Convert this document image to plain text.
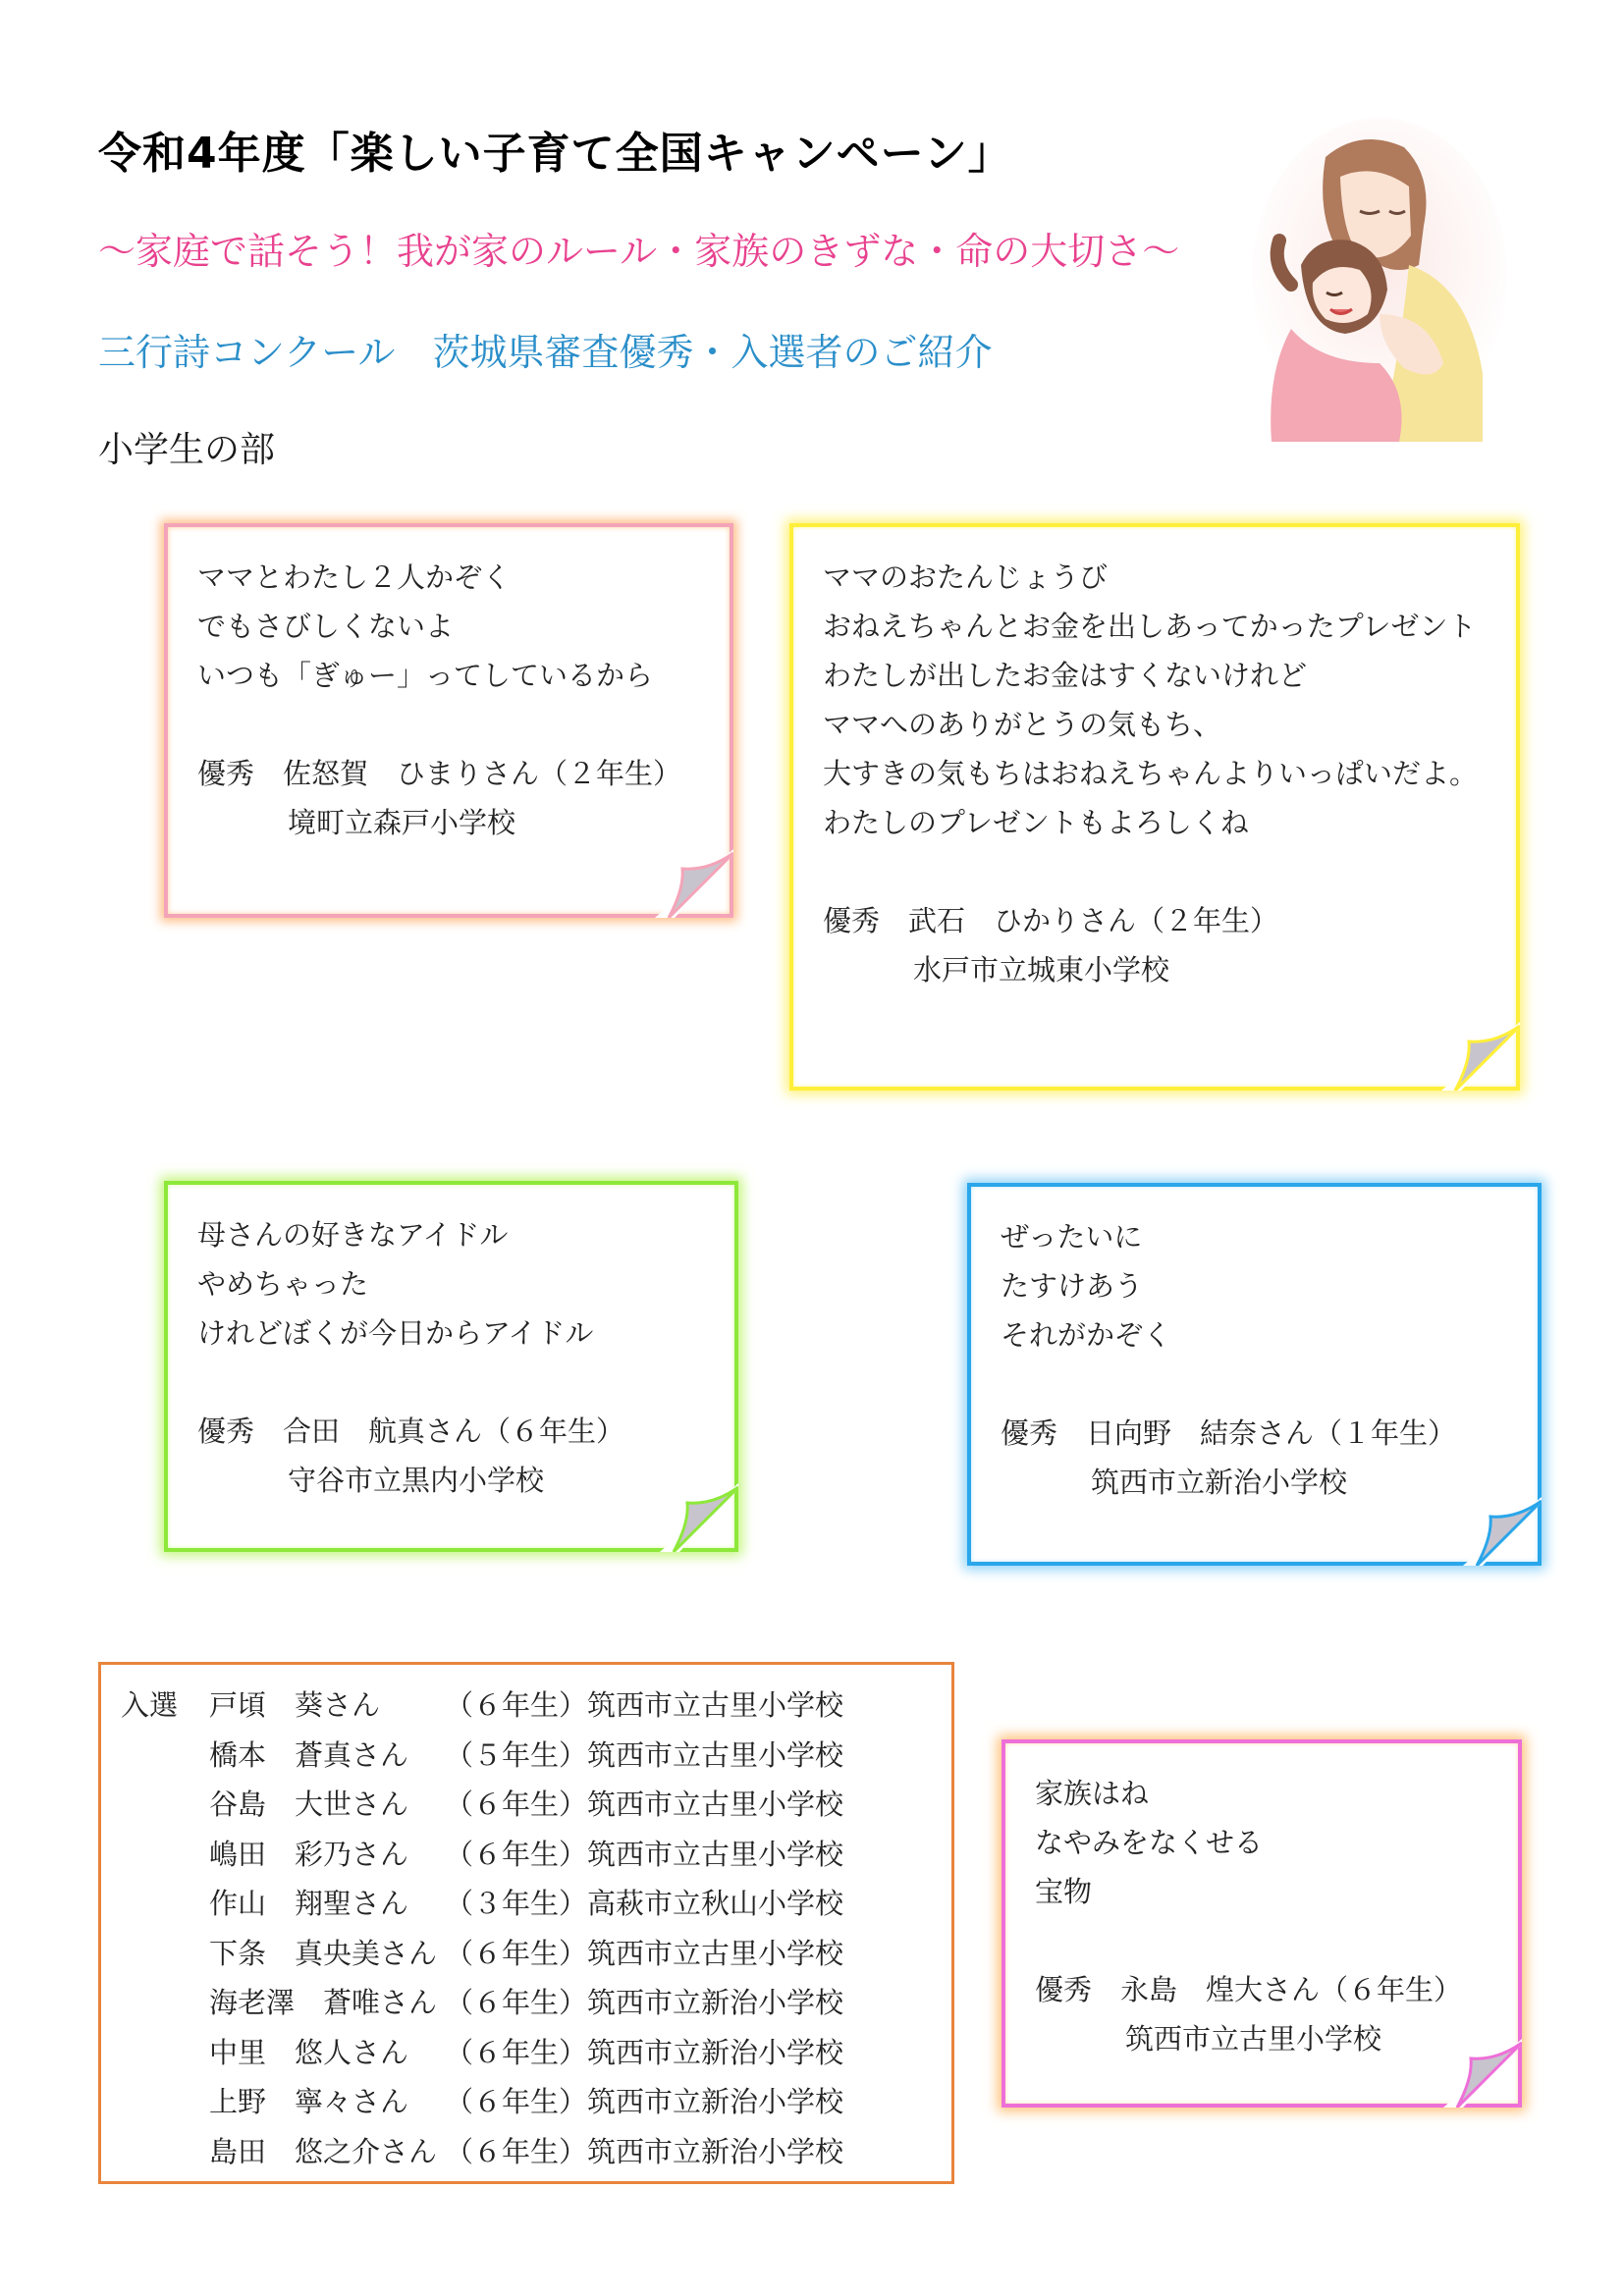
令和4年度「楽しい子育て全国キャンペーン」
～家庭で話そう！我が家のルール・家族のきずな・命の大切さ～
三行詩コンクール　茨城県審査優秀・入選者のご紹介
小学生の部
ママとわたし２人かぞく
でもさびしくないよ
いつも「ぎゅー」ってしているから
優秀　佐怒賀　ひまりさん（２年生）
境町立森戸小学校
ママのおたんじょうび
おねえちゃんとお金を出しあってかったプレゼント
わたしが出したお金はすくないけれど
ママへのありがとうの気もち、
大すきの気もちはおねえちゃんよりいっぱいだよ。
わたしのプレゼントもよろしくね
優秀　武石　ひかりさん（２年生）
水戸市立城東小学校
母さんの好きなアイドル
やめちゃった
けれどぼくが今日からアイドル
優秀　合田　航真さん（６年生）
守谷市立黒内小学校
ぜったいに
たすけあう
それがかぞく
優秀　日向野　結奈さん（１年生）
筑西市立新治小学校
入選	戸頃　葵さん	（６年生）	筑西市立古里小学校
	橋本　蒼真さん	（５年生）	筑西市立古里小学校
	谷島　大世さん	（６年生）	筑西市立古里小学校
	嶋田　彩乃さん	（６年生）	筑西市立古里小学校
	作山　翔聖さん	（３年生）	高萩市立秋山小学校
	下条　真央美さん	（６年生）	筑西市立古里小学校
	海老澤　蒼唯さん	（６年生）	筑西市立新治小学校
	中里　悠人さん	（６年生）	筑西市立新治小学校
	上野　寧々さん	（６年生）	筑西市立新治小学校
	島田　悠之介さん	（６年生）	筑西市立新治小学校
家族はね
なやみをなくせる
宝物
優秀　永島　煌大さん（６年生）
筑西市立古里小学校
